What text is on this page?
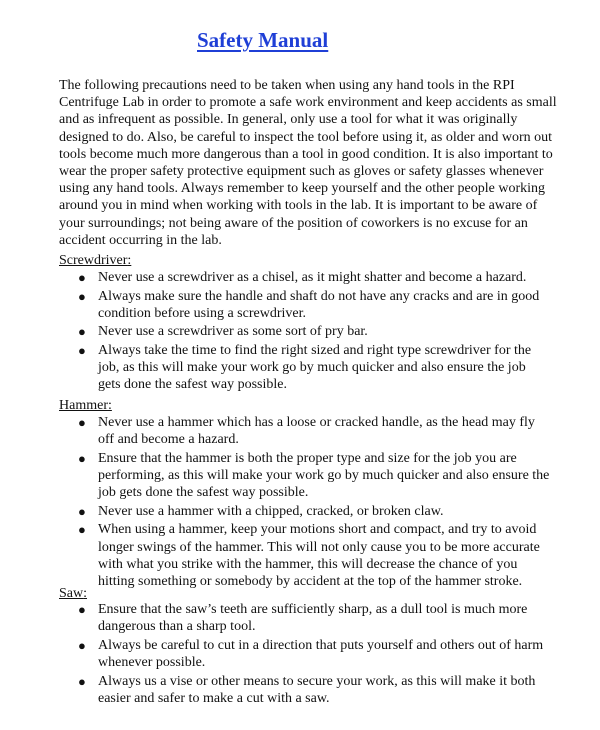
Safety Manual

The following precautions need to be taken when using any hand tools in the RPI Centrifuge Lab in order to promote a safe work environment and keep accidents as small and as infrequent as possible. In general, only use a tool for what it was originally designed to do. Also, be careful to inspect the tool before using it, as older and worn out tools become much more dangerous than a tool in good condition. It is also important to wear the proper safety protective equipment such as gloves or safety glasses whenever using any hand tools. Always remember to keep yourself and the other people working around you in mind when working with tools in the lab. It is important to be aware of your surroundings; not being aware of the position of coworkers is no excuse for an accident occurring in the lab.

Screwdriver:
● Never use a screwdriver as a chisel, as it might shatter and become a hazard.
● Always make sure the handle and shaft do not have any cracks and are in good condition before using a screwdriver.
● Never use a screwdriver as some sort of pry bar.
● Always take the time to find the right sized and right type screwdriver for the job, as this will make your work go by much quicker and also ensure the job gets done the safest way possible.
Hammer:
● Never use a hammer which has a loose or cracked handle, as the head may fly off and become a hazard.
● Ensure that the hammer is both the proper type and size for the job you are performing, as this will make your work go by much quicker and also ensure the job gets done the safest way possible.
● Never use a hammer with a chipped, cracked, or broken claw.
● When using a hammer, keep your motions short and compact, and try to avoid longer swings of the hammer. This will not only cause you to be more accurate with what you strike with the hammer, this will decrease the chance of you hitting something or somebody by accident at the top of the hammer stroke.
Saw:
● Ensure that the saw’s teeth are sufficiently sharp, as a dull tool is much more dangerous than a sharp tool.
● Always be careful to cut in a direction that puts yourself and others out of harm whenever possible.
● Always us a vise or other means to secure your work, as this will make it both easier and safer to make a cut with a saw.
